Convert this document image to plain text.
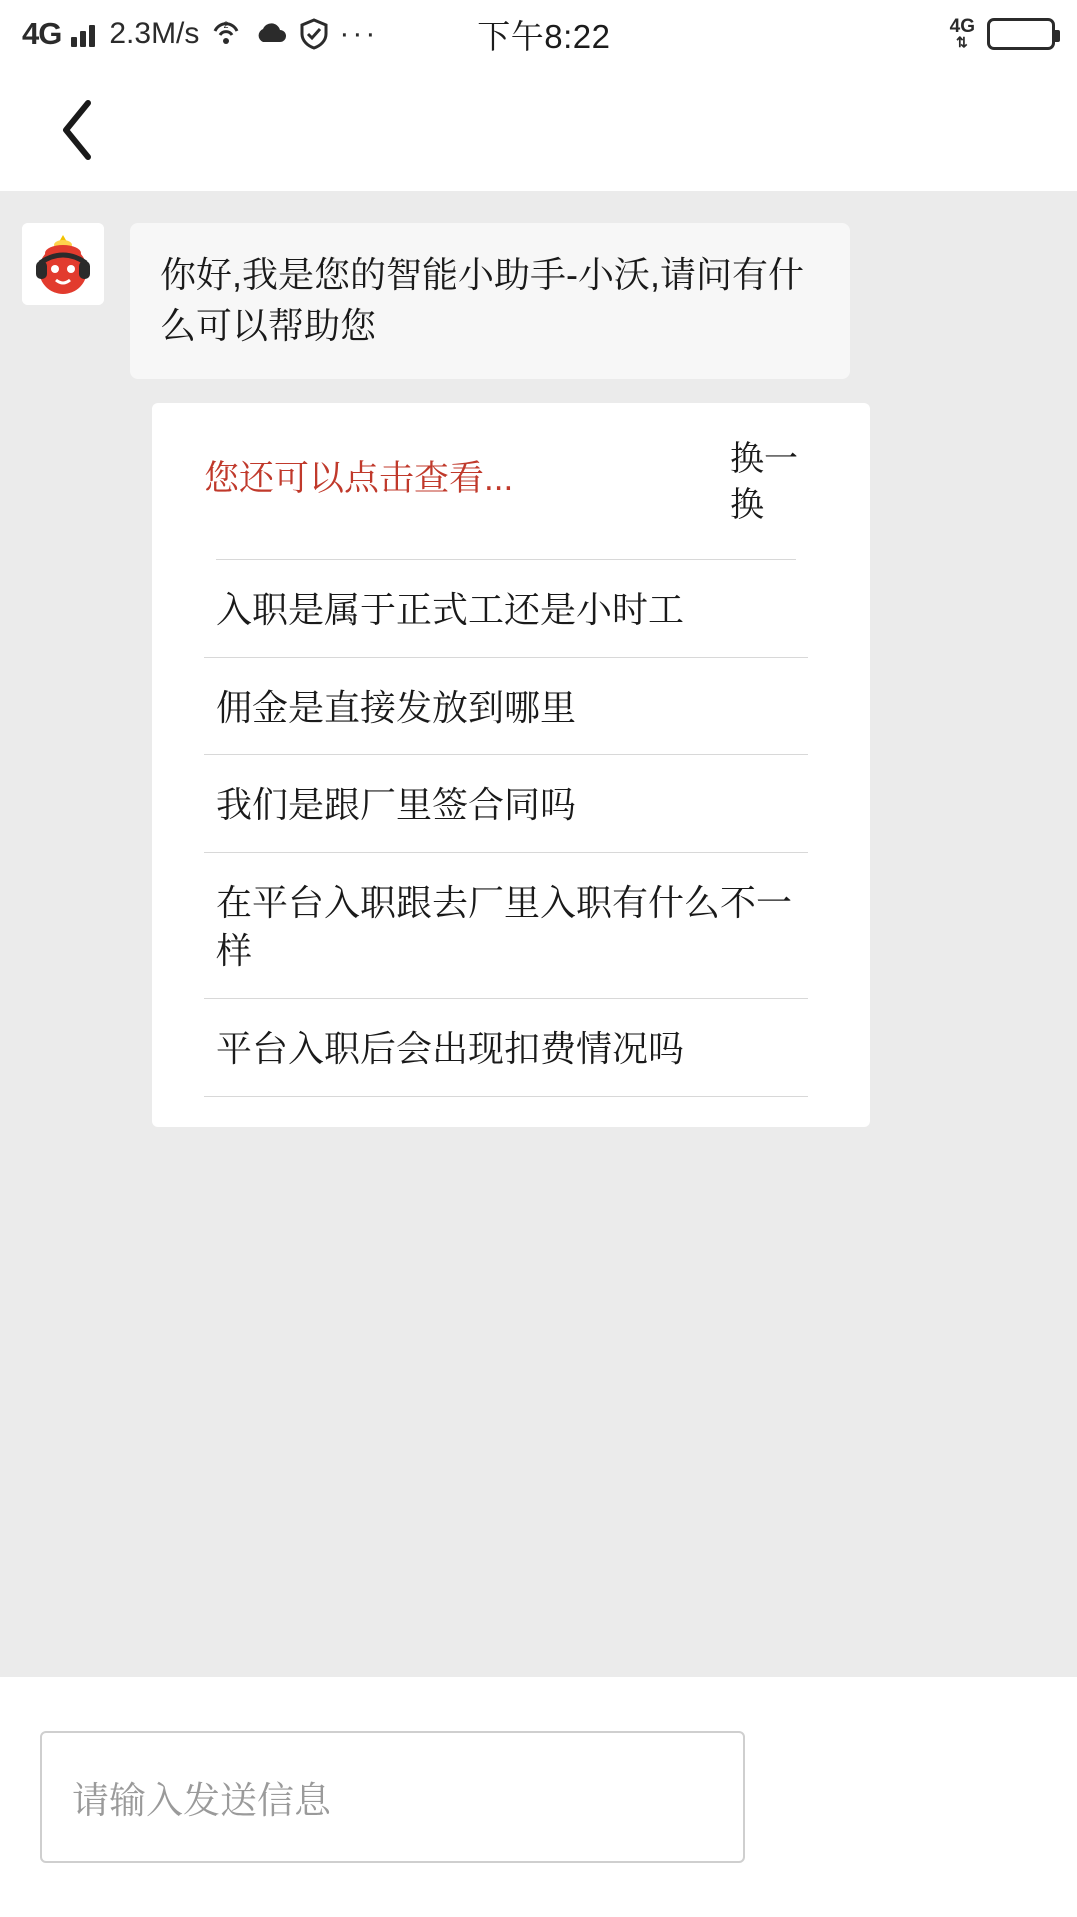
4G 2.3M/s	2	···	下午8:22	4G
⇅
你好,我是您的智能小助手-小沃,请问有什么可以帮助您
您还可以点击查看...	换一换
入职是属于正式工还是小时工
佣金是直接发放到哪里
我们是跟厂里签合同吗
在平台入职跟去厂里入职有什么不一样
平台入职后会出现扣费情况吗
请输入发送信息
